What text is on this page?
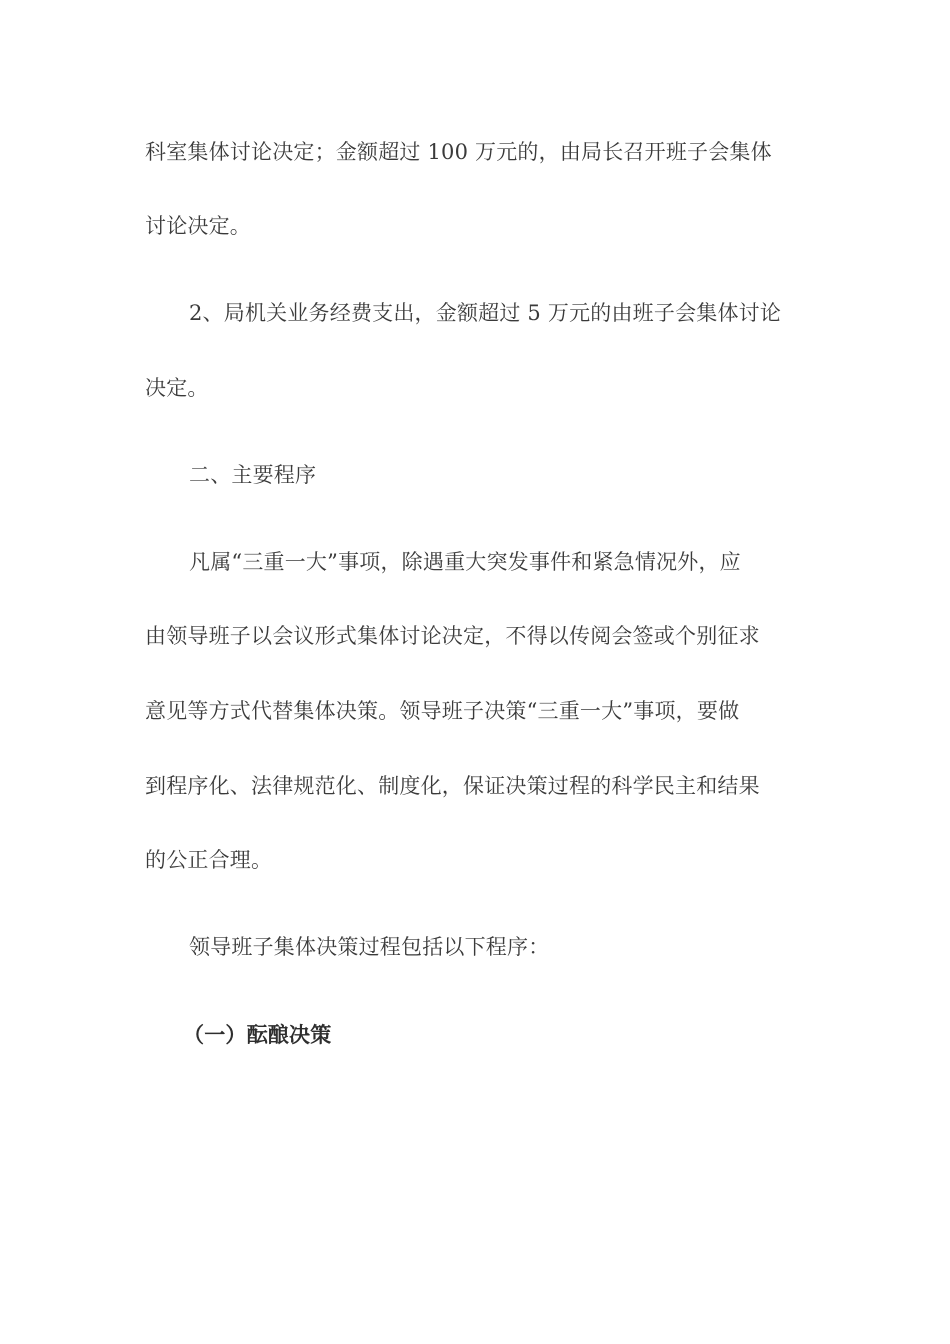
科室集体讨论决定；金额超过 100 万元的，由局长召开班子会集体
讨论决定。
2、局机关业务经费支出，金额超过 5 万元的由班子会集体讨论
决定。
二、主要程序
凡属“三重一大”事项，除遇重大突发事件和紧急情况外，应
由领导班子以会议形式集体讨论决定，不得以传阅会签或个别征求
意见等方式代替集体决策。领导班子决策“三重一大”事项，要做
到程序化、法律规范化、制度化，保证决策过程的科学民主和结果
的公正合理。
领导班子集体决策过程包括以下程序：
（一）酝酿决策
